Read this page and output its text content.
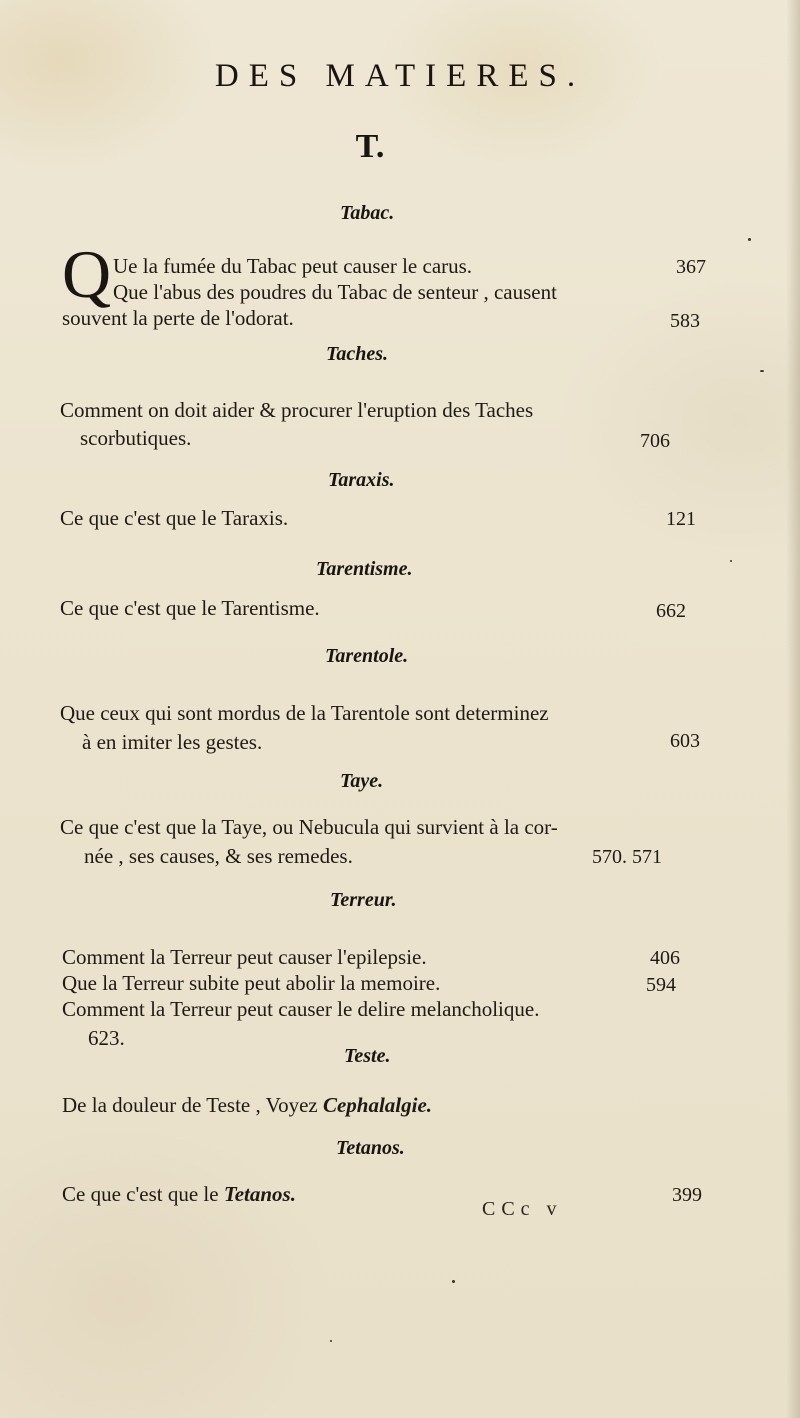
DES MATIERES.
T.
Tabac.
Q Ue la fumée du Tabac peut causer le carus.	367
Que l'abus des poudres du Tabac de senteur , causent
souvent la perte de l'odorat.	583
Taches.
Comment on doit aider & procurer l'eruption des Taches
scorbutiques.	706
Taraxis.
Ce que c'est que le Taraxis.	121
Tarentisme.
Ce que c'est que le Tarentisme.	662
Tarentole.
Que ceux qui sont mordus de la Tarentole sont determinez
à en imiter les gestes.	603
Taye.
Ce que c'est que la Taye, ou Nebucula qui survient à la cor-
née , ses causes, & ses remedes.	570. 571
Terreur.
Comment la Terreur peut causer l'epilepsie.	406
Que la Terreur subite peut abolir la memoire.	594
Comment la Terreur peut causer le delire melancholique.
623.
Teste.
De la douleur de Teste , Voyez Cephalalgie.
Tetanos.
Ce que c'est que le Tetanos.	399
CCc v
